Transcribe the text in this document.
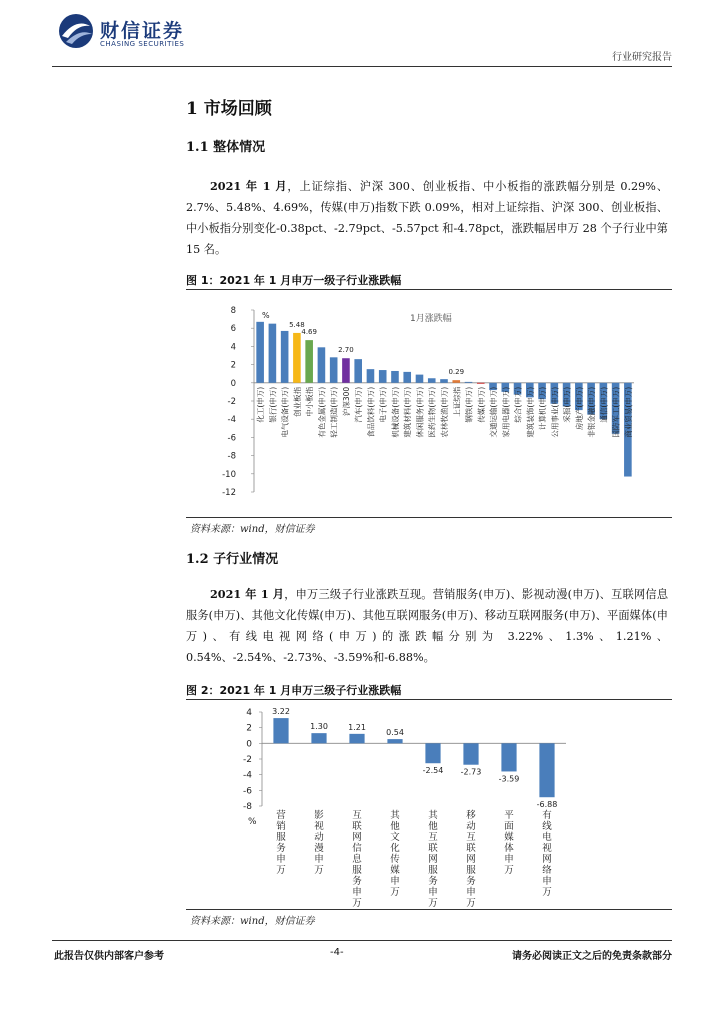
财信证券
CHASING SECURITIES
行业研究报告
1 市场回顾
1.1 整体情况
2021 年 1 月，上证综指、沪深 300、创业板指、中小板指的涨跌幅分别是 0.29%、2.7%、5.48%、4.69%，传媒(申万)指数下跌 0.09%，相对上证综指、沪深 300、创业板指、中小板指分别变化-0.38pct、-2.79pct、-5.57pct 和-4.78pct，涨跌幅居申万 28 个子行业中第 15 名。
图 1：2021 年 1 月申万一级子行业涨跌幅
8
6
4
2
0
-2
-4
-6
-8
-10
-12
%	1月涨跌幅
化工(申万) 银行(申万) 电气设备(申万)
5.48
创业板指
4.69
中小板指 有色金属(申万) 轻工制造(申万)
2.70
沪深300 汽车(申万) 食品饮料(申万) 电子(申万) 机械设备(申万) 建筑材料(申万) 休闲服务(申万) 医药生物(申万) 农林牧渔(申万)
0.29
上证综指 钢铁(申万) 传媒(申万) 交通运输(申万) 家用电器(申万) 综合(申万) 建筑装饰(申万) 计算机(申万) 公用事业(申万) 采掘(申万) 房地产(申万) 非银金融(申万) 通信(申万) 国防军工(申万) 商业贸易(申万)
资料来源：wind，财信证券
1.2 子行业情况
2021 年 1 月，申万三级子行业涨跌互现。营销服务(申万)、影视动漫(申万)、互联网信息服务(申万)、其他文化传媒(申万)、其他互联网服务(申万)、移动互联网服务(申万)、平面媒体(申万)、有线电视网络(申万)的涨跌幅分别为 3.22%、1.3%、1.21%、0.54%、-2.54%、-2.73%、-3.59%和-6.88%。
图 2：2021 年 1 月申万三级子行业涨跌幅
4
2
0
-2
-4
-6
-8
%
3.22
营销服务申万
1.30
影视动漫申万
1.21
互联网信息服务申万
0.54
其他文化传媒申万
-2.54
其他互联网服务申万
-2.73
移动互联网服务申万
-3.59
平面媒体申万
-6.88
有线电视网络申万
资料来源：wind，财信证券
此报告仅供内部客户参考	-4-	请务必阅读正文之后的免责条款部分
